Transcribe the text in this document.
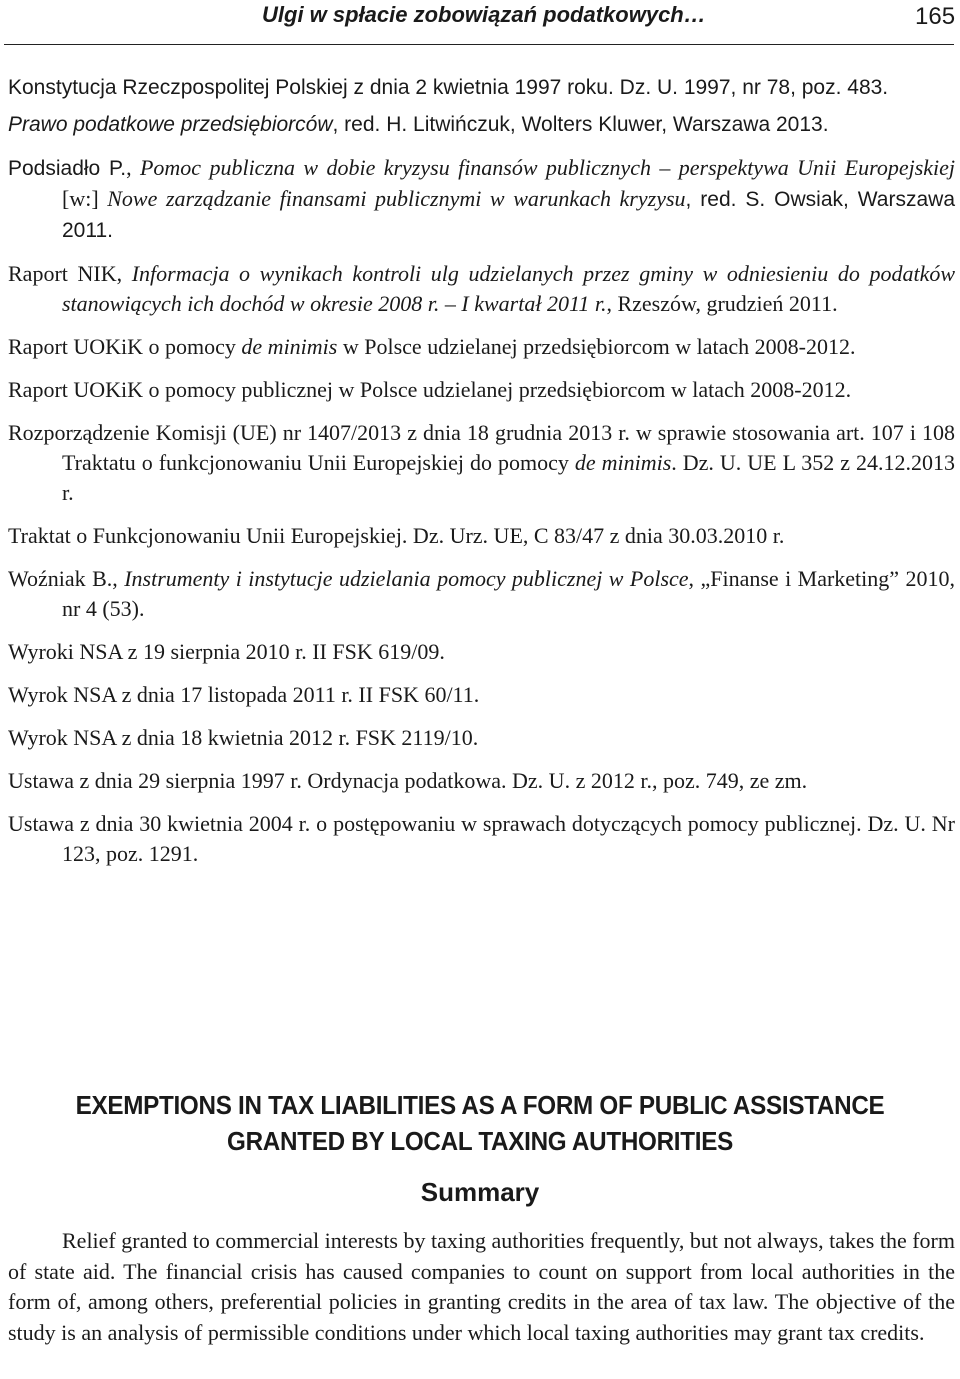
Ulgi w spłacie zobowiązań podatkowych…	165

Konstytucja Rzeczpospolitej Polskiej z dnia 2 kwietnia 1997 roku. Dz. U. 1997, nr 78, poz. 483.

Prawo podatkowe przedsiębiorców, red. H. Litwińczuk, Wolters Kluwer, Warszawa 2013.

Podsiadło P., Pomoc publiczna w dobie kryzysu finansów publicznych – perspektywa Unii Europejskiej [w:] Nowe zarządzanie finansami publicznymi w warunkach kryzysu, red. S. Owsiak, Warszawa 2011.

Raport NIK, Informacja o wynikach kontroli ulg udzielanych przez gminy w odniesieniu do podatków stanowiących ich dochód w okresie 2008 r. – I kwartał 2011 r., Rzeszów, grudzień 2011.

Raport UOKiK o pomocy de minimis w Polsce udzielanej przedsiębiorcom w latach 2008-2012.

Raport UOKiK o pomocy publicznej w Polsce udzielanej przedsiębiorcom w latach 2008-2012.

Rozporządzenie Komisji (UE) nr 1407/2013 z dnia 18 grudnia 2013 r. w sprawie stosowania art. 107 i 108 Traktatu o funkcjonowaniu Unii Europejskiej do pomocy de minimis. Dz. U. UE L 352 z 24.12.2013 r.

Traktat o Funkcjonowaniu Unii Europejskiej. Dz. Urz. UE, C 83/47 z dnia 30.03.2010 r.

Woźniak B., Instrumenty i instytucje udzielania pomocy publicznej w Polsce, „Finanse i Marketing” 2010, nr 4 (53).

Wyroki NSA z 19 sierpnia 2010 r. II FSK 619/09.

Wyrok NSA z dnia 17 listopada 2011 r. II FSK 60/11.

Wyrok NSA z dnia 18 kwietnia 2012 r. FSK 2119/10.

Ustawa z dnia 29 sierpnia 1997 r. Ordynacja podatkowa. Dz. U. z 2012 r., poz. 749, ze zm.

Ustawa z dnia 30 kwietnia 2004 r. o postępowaniu w sprawach dotyczących pomocy publicznej. Dz. U. Nr 123, poz. 1291.

EXEMPTIONS IN TAX LIABILITIES AS A FORM OF PUBLIC ASSISTANCE
GRANTED BY LOCAL TAXING AUTHORITIES
Summary
Relief granted to commercial interests by taxing authorities frequently, but not always, takes the form of state aid. The financial crisis has caused companies to count on support from local authorities in the form of, among others, preferential policies in granting credits in the area of tax law. The objective of the study is an analysis of permissible conditions under which local taxing authorities may grant tax credits.
